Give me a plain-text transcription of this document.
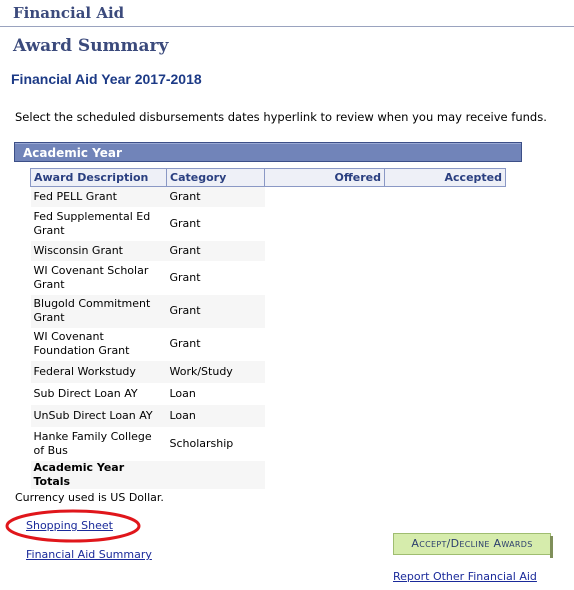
Financial Aid
Award Summary
Financial Aid Year 2017-2018
Select the scheduled disbursements dates hyperlink to review when you may receive funds.
Academic Year
Award Description	Category	Offered	Accepted
Fed PELL Grant	Grant		
Fed Supplemental Ed Grant	Grant		
Wisconsin Grant	Grant		
WI Covenant Scholar Grant	Grant		
Blugold Commitment Grant	Grant		
WI Covenant Foundation Grant	Grant		
Federal Workstudy	Work/Study		
Sub Direct Loan AY	Loan		
UnSub Direct Loan AY	Loan		
Hanke Family College of Bus	Scholarship		
Academic Year Totals			
Currency used is US Dollar.
Shopping Sheet
Financial Aid Summary
Accept/Decline Awards
Report Other Financial Aid
